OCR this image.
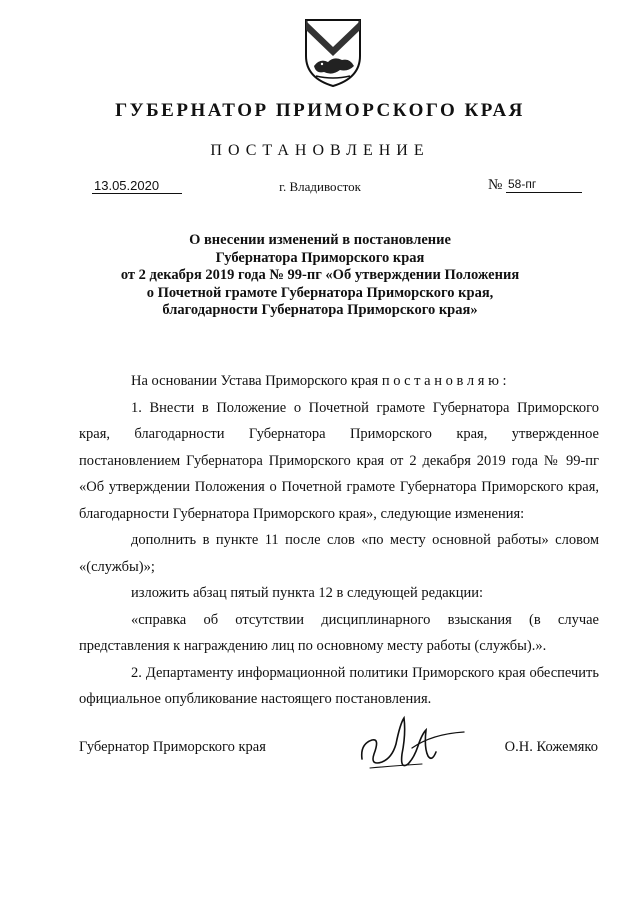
ГУБЕРНАТОР ПРИМОРСКОГО КРАЯ
ПОСТАНОВЛЕНИЕ
13.05.2020	г. Владивосток	№ 58-пг
О внесении изменений в постановление
Губернатора Приморского края
от 2 декабря 2019 года № 99-пг «Об утверждении Положения
о Почетной грамоте Губернатора Приморского края,
благодарности Губернатора Приморского края»

На основании Устава Приморского края п о с т а н о в л я ю :

1. Внести в Положение о Почетной грамоте Губернатора Приморского края, благодарности Губернатора Приморского края, утвержденное постановлением Губернатора Приморского края от 2 декабря 2019 года № 99-пг «Об утверждении Положения о Почетной грамоте Губернатора Приморского края, благодарности Губернатора Приморского края», следующие изменения:

дополнить в пункте 11 после слов «по месту основной работы» словом «(службы)»;

изложить абзац пятый пункта 12 в следующей редакции:

«справка об отсутствии дисциплинарного взыскания (в случае представления к награждению лиц по основному месту работы (службы).».

2. Департаменту информационной политики Приморского края обеспечить официальное опубликование настоящего постановления.

Губернатор Приморского края	О.Н. Кожемяко
